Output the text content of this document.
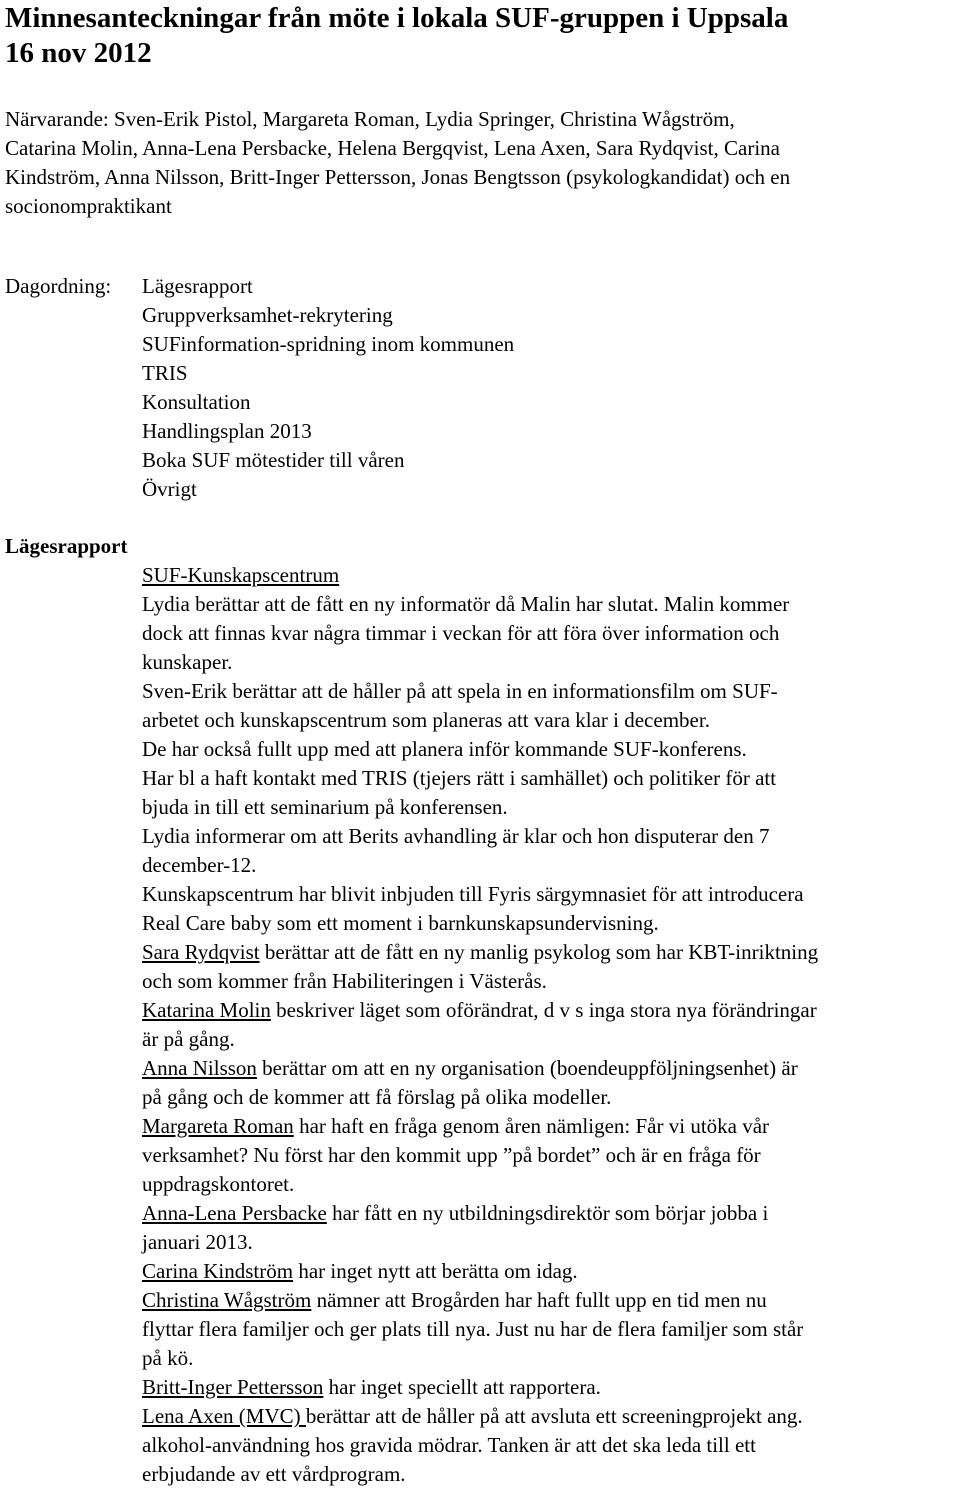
Minnesanteckningar från möte i lokala SUF-gruppen i Uppsala
16 nov 2012
Närvarande: Sven-Erik Pistol, Margareta Roman, Lydia Springer, Christina Wågström,
Catarina Molin, Anna-Lena Persbacke, Helena Bergqvist, Lena Axen, Sara Rydqvist, Carina
Kindström, Anna Nilsson, Britt-Inger Pettersson, Jonas Bengtsson (psykologkandidat) och en
socionompraktikant
Dagordning:	Lägesrapport
Gruppverksamhet-rekrytering
SUFinformation-spridning inom kommunen
TRIS
Konsultation
Handlingsplan 2013
Boka SUF mötestider till våren
Övrigt
Lägesrapport
SUF-Kunskapscentrum
Lydia berättar att de fått en ny informatör då Malin har slutat. Malin kommer
dock att finnas kvar några timmar i veckan för att föra över information och
kunskaper.
Sven-Erik berättar att de håller på att spela in en informationsfilm om SUF-
arbetet och kunskapscentrum som planeras att vara klar i december.
De har också fullt upp med att planera inför kommande SUF-konferens.
Har bl a haft kontakt med TRIS (tjejers rätt i samhället) och politiker för att
bjuda in till ett seminarium på konferensen.
Lydia informerar om att Berits avhandling är klar och hon disputerar den 7
december-12.
Kunskapscentrum har blivit inbjuden till Fyris särgymnasiet för att introducera
Real Care baby som ett moment i barnkunskapsundervisning.
Sara Rydqvist berättar att de fått en ny manlig psykolog som har KBT-inriktning
och som kommer från Habiliteringen i Västerås.
Katarina Molin beskriver läget som oförändrat, d v s inga stora nya förändringar
är på gång.
Anna Nilsson berättar om att en ny organisation (boendeuppföljningsenhet) är
på gång och de kommer att få förslag på olika modeller.
Margareta Roman har haft en fråga genom åren nämligen: Får vi utöka vår
verksamhet? Nu först har den kommit upp ”på bordet” och är en fråga för
uppdragskontoret.
Anna-Lena Persbacke har fått en ny utbildningsdirektör som börjar jobba i
januari 2013.
Carina Kindström har inget nytt att berätta om idag.
Christina Wågström nämner att Brogården har haft fullt upp en tid men nu
flyttar flera familjer och ger plats till nya. Just nu har de flera familjer som står
på kö.
Britt-Inger Pettersson har inget speciellt att rapportera.
Lena Axen (MVC) berättar att de håller på att avsluta ett screeningprojekt ang.
alkohol-användning hos gravida mödrar. Tanken är att det ska leda till ett
erbjudande av ett vårdprogram.
